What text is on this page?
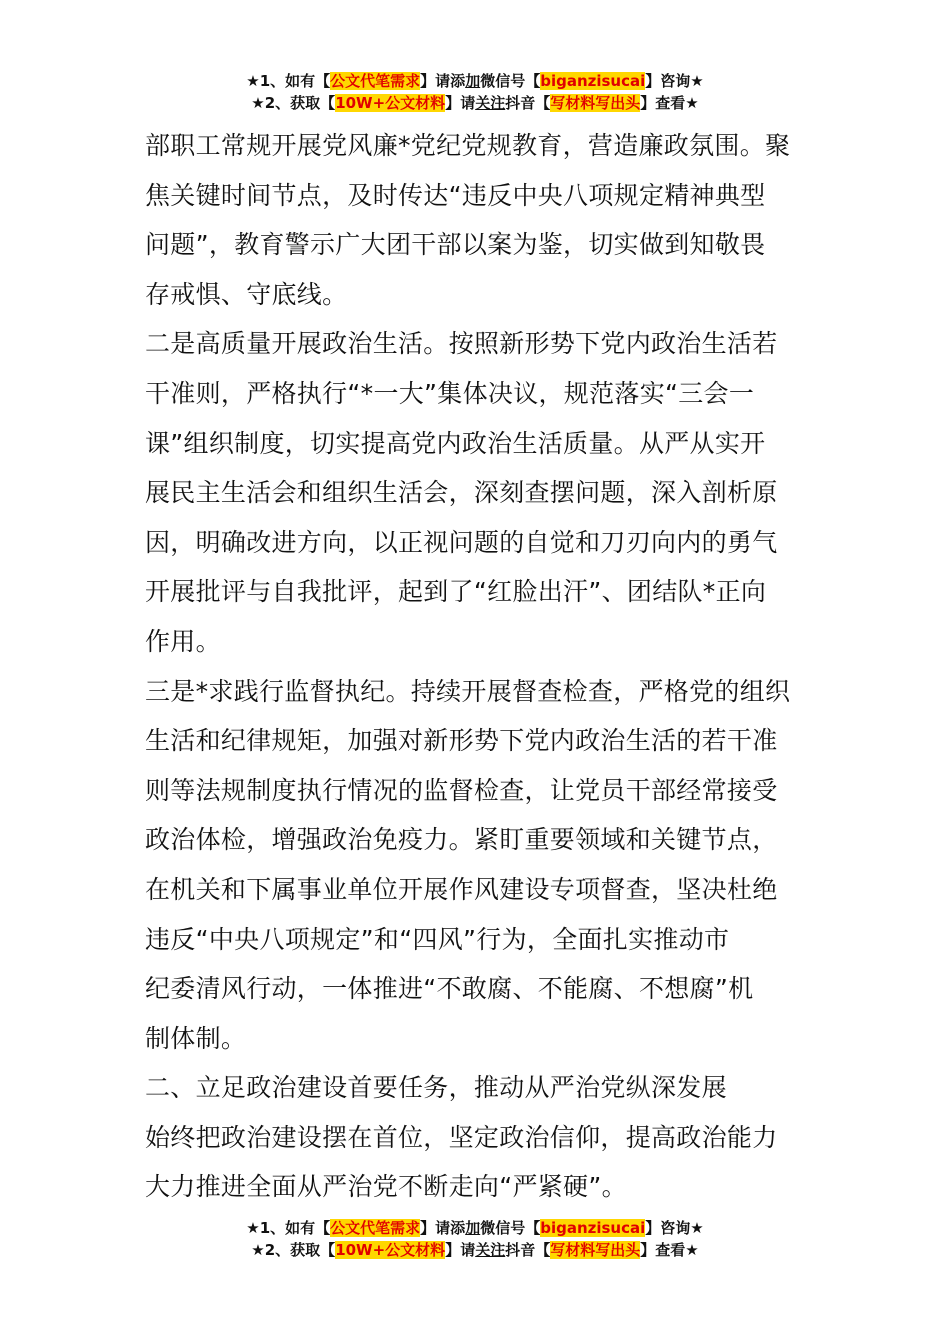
★1、如有【公文代笔需求】请添加微信号【biganzisucai】咨询★
★2、获取【10W+公文材料】请关注抖音【写材料写出头】查看★
部职工常规开展党风廉*党纪党规教育，营造廉政氛围。聚
焦关键时间节点，及时传达“违反中央八项规定精神典型
问题”，教育警示广大团干部以案为鉴，切实做到知敬畏
存戒惧、守底线。
二是高质量开展政治生活。按照新形势下党内政治生活若
干准则，严格执行“*一大”集体决议，规范落实“三会一
课”组织制度，切实提高党内政治生活质量。从严从实开
展民主生活会和组织生活会，深刻查摆问题，深入剖析原
因，明确改进方向，以正视问题的自觉和刀刃向内的勇气
开展批评与自我批评，起到了“红脸出汗”、团结队*正向
作用。
三是*求践行监督执纪。持续开展督查检查，严格党的组织
生活和纪律规矩，加强对新形势下党内政治生活的若干准
则等法规制度执行情况的监督检查，让党员干部经常接受
政治体检，增强政治免疫力。紧盯重要领域和关键节点，
在机关和下属事业单位开展作风建设专项督查，坚决杜绝
违反“中央八项规定”和“四风”行为，全面扎实推动市
纪委清风行动，一体推进“不敢腐、不能腐、不想腐”机
制体制。
二、立足政治建设首要任务，推动从严治党纵深发展
始终把政治建设摆在首位，坚定政治信仰，提高政治能力
大力推进全面从严治党不断走向“严紧硬”。
★1、如有【公文代笔需求】请添加微信号【biganzisucai】咨询★
★2、获取【10W+公文材料】请关注抖音【写材料写出头】查看★
